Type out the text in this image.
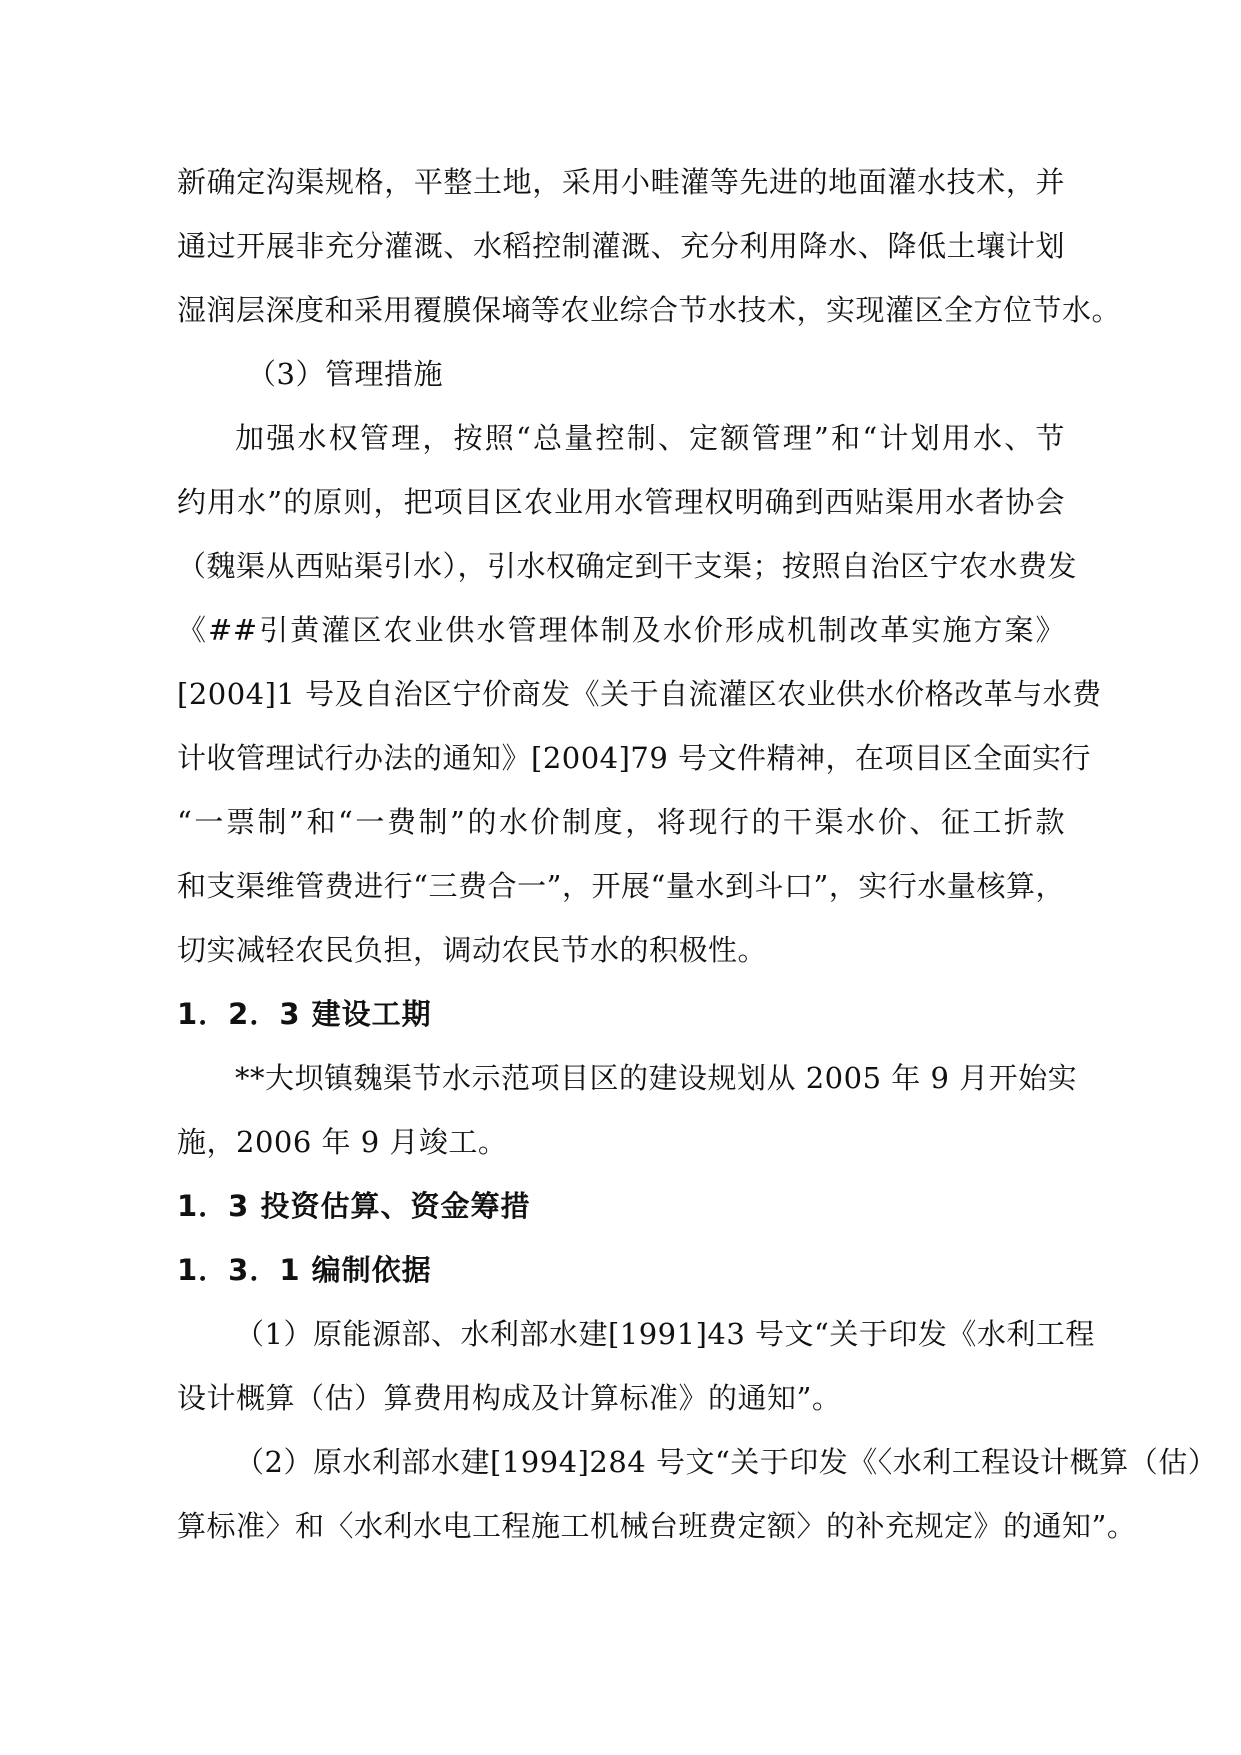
新确定沟渠规格，平整土地，采用小畦灌等先进的地面灌水技术，并
通过开展非充分灌溉、水稻控制灌溉、充分利用降水、降低土壤计划
湿润层深度和采用覆膜保墒等农业综合节水技术，实现灌区全方位节水。
（3）管理措施
加强水权管理，按照“总量控制、定额管理”和“计划用水、节
约用水”的原则，把项目区农业用水管理权明确到西贴渠用水者协会
（魏渠从西贴渠引水），引水权确定到干支渠；按照自治区宁农水费发
《##引黄灌区农业供水管理体制及水价形成机制改革实施方案》
[2004]1 号及自治区宁价商发《关于自流灌区农业供水价格改革与水费
计收管理试行办法的通知》[2004]79 号文件精神，在项目区全面实行
“一票制”和“一费制”的水价制度，将现行的干渠水价、征工折款
和支渠维管费进行“三费合一”，开展“量水到斗口”，实行水量核算，
切实减轻农民负担，调动农民节水的积极性。
1．2．3 建设工期
**大坝镇魏渠节水示范项目区的建设规划从 2005 年 9 月开始实
施，2006 年 9 月竣工。
1．3 投资估算、资金筹措
1．3．1 编制依据
（1）原能源部、水利部水建[1991]43 号文“关于印发《水利工程
设计概算（估）算费用构成及计算标准》的通知”。
（2）原水利部水建[1994]284 号文“关于印发《〈水利工程设计概算（估）
算标准〉和〈水利水电工程施工机械台班费定额〉的补充规定》的通知”。
